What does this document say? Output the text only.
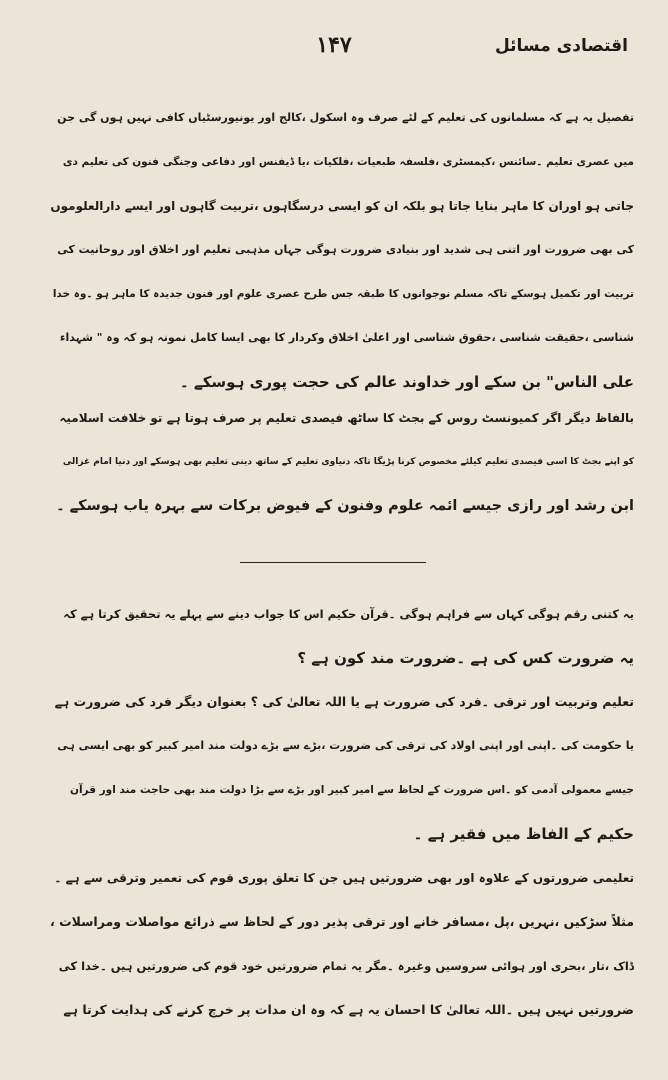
اقتصادی مسائل
۱۴۷
تفصیل یہ ہے کہ مسلمانوں کی تعلیم کے لئے صرف وہ اسکول ،کالج اور یونیورسٹیاں کافی نہیں ہوں گی جن
میں عصری تعلیم ۔سائنس ،کیمسٹری ،فلسفہ طبعیات ،فلکیات ،یا ڈیفنس اور دفاعی وجنگی فنون کی تعلیم دی
جاتی ہو اوران کا ماہر بنایا جاتا ہو بلکہ ان کو ایسی درسگاہوں ،تربیت گاہوں اور ایسے دارالعلوموں
کی بھی ضرورت اور اتنی ہی شدید اور بنیادی ضرورت ہوگی جہاں مذہبی تعلیم اور اخلاق اور روحانیت کی
تربیت اور تکمیل ہوسکے تاکہ مسلم نوجوانوں کا طبقہ جس طرح عصری علوم اور فنون جدیدہ کا ماہر ہو ۔وہ خدا
شناسی ،حقیقت شناسی ،حقوق شناسی اور اعلیٰ اخلاق وکردار کا بھی ایسا کامل نمونہ ہو کہ وہ " شہداء
علی الناس" بن سکے اور خداوند عالم کی حجت پوری ہوسکے ۔
بالفاظ دیگر اگر کمیونسٹ روس کے بجٹ کا ساٹھ فیصدی تعلیم پر صرف ہوتا ہے تو خلافت اسلامیہ
کو اپنے بجٹ کا اسی فیصدی تعلیم کیلئے مخصوص کرنا پڑیگا تاکہ دنیاوی تعلیم کے ساتھ دینی تعلیم بھی ہوسکے اور دنیا امام غزالی
ابن رشد اور رازی جیسے ائمہ علوم وفنون کے فیوض برکات سے بہرہ یاب ہوسکے ۔
یہ کتنی رقم ہوگی کہاں سے فراہم ہوگی ۔قرآن حکیم اس کا جواب دینے سے پہلے یہ تحقیق کرتا ہے کہ
یہ ضرورت کس کی ہے ۔ضرورت مند کون ہے ؟
تعلیم وتربیت اور ترقی ۔فرد کی ضرورت ہے یا اللہ تعالیٰ کی ؟ بعنوان دیگر فرد کی ضرورت ہے
یا حکومت کی ۔اپنی اور اپنی اولاد کی ترقی کی ضرورت ،بڑے سے بڑے دولت مند امیر کبیر کو بھی ایسی ہی
جیسے معمولی آدمی کو ۔اس ضرورت کے لحاظ سے امیر کبیر اور بڑے سے بڑا دولت مند بھی حاجت مند اور قرآن
حکیم کے الفاظ میں فقیر ہے ۔
تعلیمی ضرورتوں کے علاوہ اور بھی ضرورتیں ہیں جن کا تعلق پوری قوم کی تعمیر وترقی سے ہے ۔
مثلاً سڑکیں ،نہریں ،پل ،مسافر خانے اور ترقی پذیر دور کے لحاظ سے ذرائع مواصلات ومراسلات ،
ڈاک ،تار ،بحری اور ہوائی سروسیں وغیرہ ۔مگر یہ تمام ضرورتیں خود قوم کی ضرورتیں ہیں ۔خدا کی
ضرورتیں نہیں ہیں ۔اللہ تعالیٰ کا احسان یہ ہے کہ وہ ان مدات پر خرچ کرنے کی ہدایت کرتا ہے
